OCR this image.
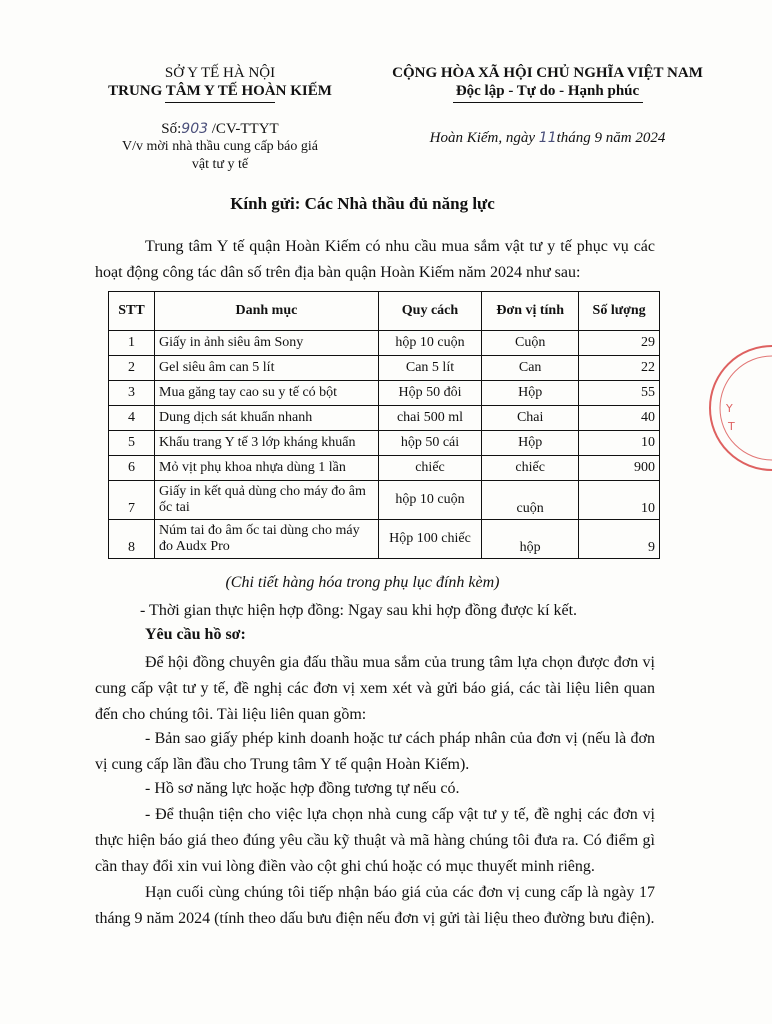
SỞ Y TẾ HÀ NỘI
TRUNG TÂM Y TẾ HOÀN KIẾM
CỘNG HÒA XÃ HỘI CHỦ NGHĨA VIỆT NAM
Độc lập - Tự do - Hạnh phúc
Số:903 /CV-TTYT
V/v mời nhà thầu cung cấp báo giá
vật tư y tế
Hoàn Kiếm, ngày 11tháng 9 năm 2024
Kính gửi: Các Nhà thầu đủ năng lực
Trung tâm Y tế quận Hoàn Kiếm có nhu cầu mua sắm vật tư y tế phục vụ các hoạt động công tác dân số trên địa bàn quận Hoàn Kiếm năm 2024 như sau:
STT	Danh mục	Quy cách	Đơn vị tính	Số lượng
1	Giấy in ảnh siêu âm Sony	hộp 10 cuộn	Cuộn	29
2	Gel siêu âm can 5 lít	Can 5 lít	Can	22
3	Mua găng tay cao su y tế có bột	Hộp 50 đôi	Hộp	55
4	Dung dịch sát khuẩn nhanh	chai 500 ml	Chai	40
5	Khẩu trang Y tế 3 lớp kháng khuẩn	hộp 50 cái	Hộp	10
6	Mỏ vịt phụ khoa nhựa dùng 1 lần	chiếc	chiếc	900
7	Giấy in kết quả dùng cho máy đo âm ốc tai	hộp 10 cuộn	cuộn	10
8	Núm tai đo âm ốc tai dùng cho máy đo Audx Pro	Hộp 100 chiếc	hộp	9
(Chi tiết hàng hóa trong phụ lục đính kèm)
- Thời gian thực hiện hợp đồng: Ngay sau khi hợp đồng được kí kết.
Yêu cầu hồ sơ:
Để hội đồng chuyên gia đấu thầu mua sắm của trung tâm lựa chọn được đơn vị cung cấp vật tư y tế, đề nghị các đơn vị xem xét và gửi báo giá, các tài liệu liên quan đến cho chúng tôi. Tài liệu liên quan gồm:
- Bản sao giấy phép kinh doanh hoặc tư cách pháp nhân của đơn vị (nếu là đơn vị cung cấp lần đầu cho Trung tâm Y tế quận Hoàn Kiếm).
- Hồ sơ năng lực hoặc hợp đồng tương tự nếu có.
- Để thuận tiện cho việc lựa chọn nhà cung cấp vật tư y tế, đề nghị các đơn vị thực hiện báo giá theo đúng yêu cầu kỹ thuật và mã hàng chúng tôi đưa ra. Có điểm gì cần thay đổi xin vui lòng điền vào cột ghi chú hoặc có mục thuyết minh riêng.
Hạn cuối cùng chúng tôi tiếp nhận báo giá của các đơn vị cung cấp là ngày 17 tháng 9 năm 2024 (tính theo dấu bưu điện nếu đơn vị gửi tài liệu theo đường bưu điện).
Y
T
